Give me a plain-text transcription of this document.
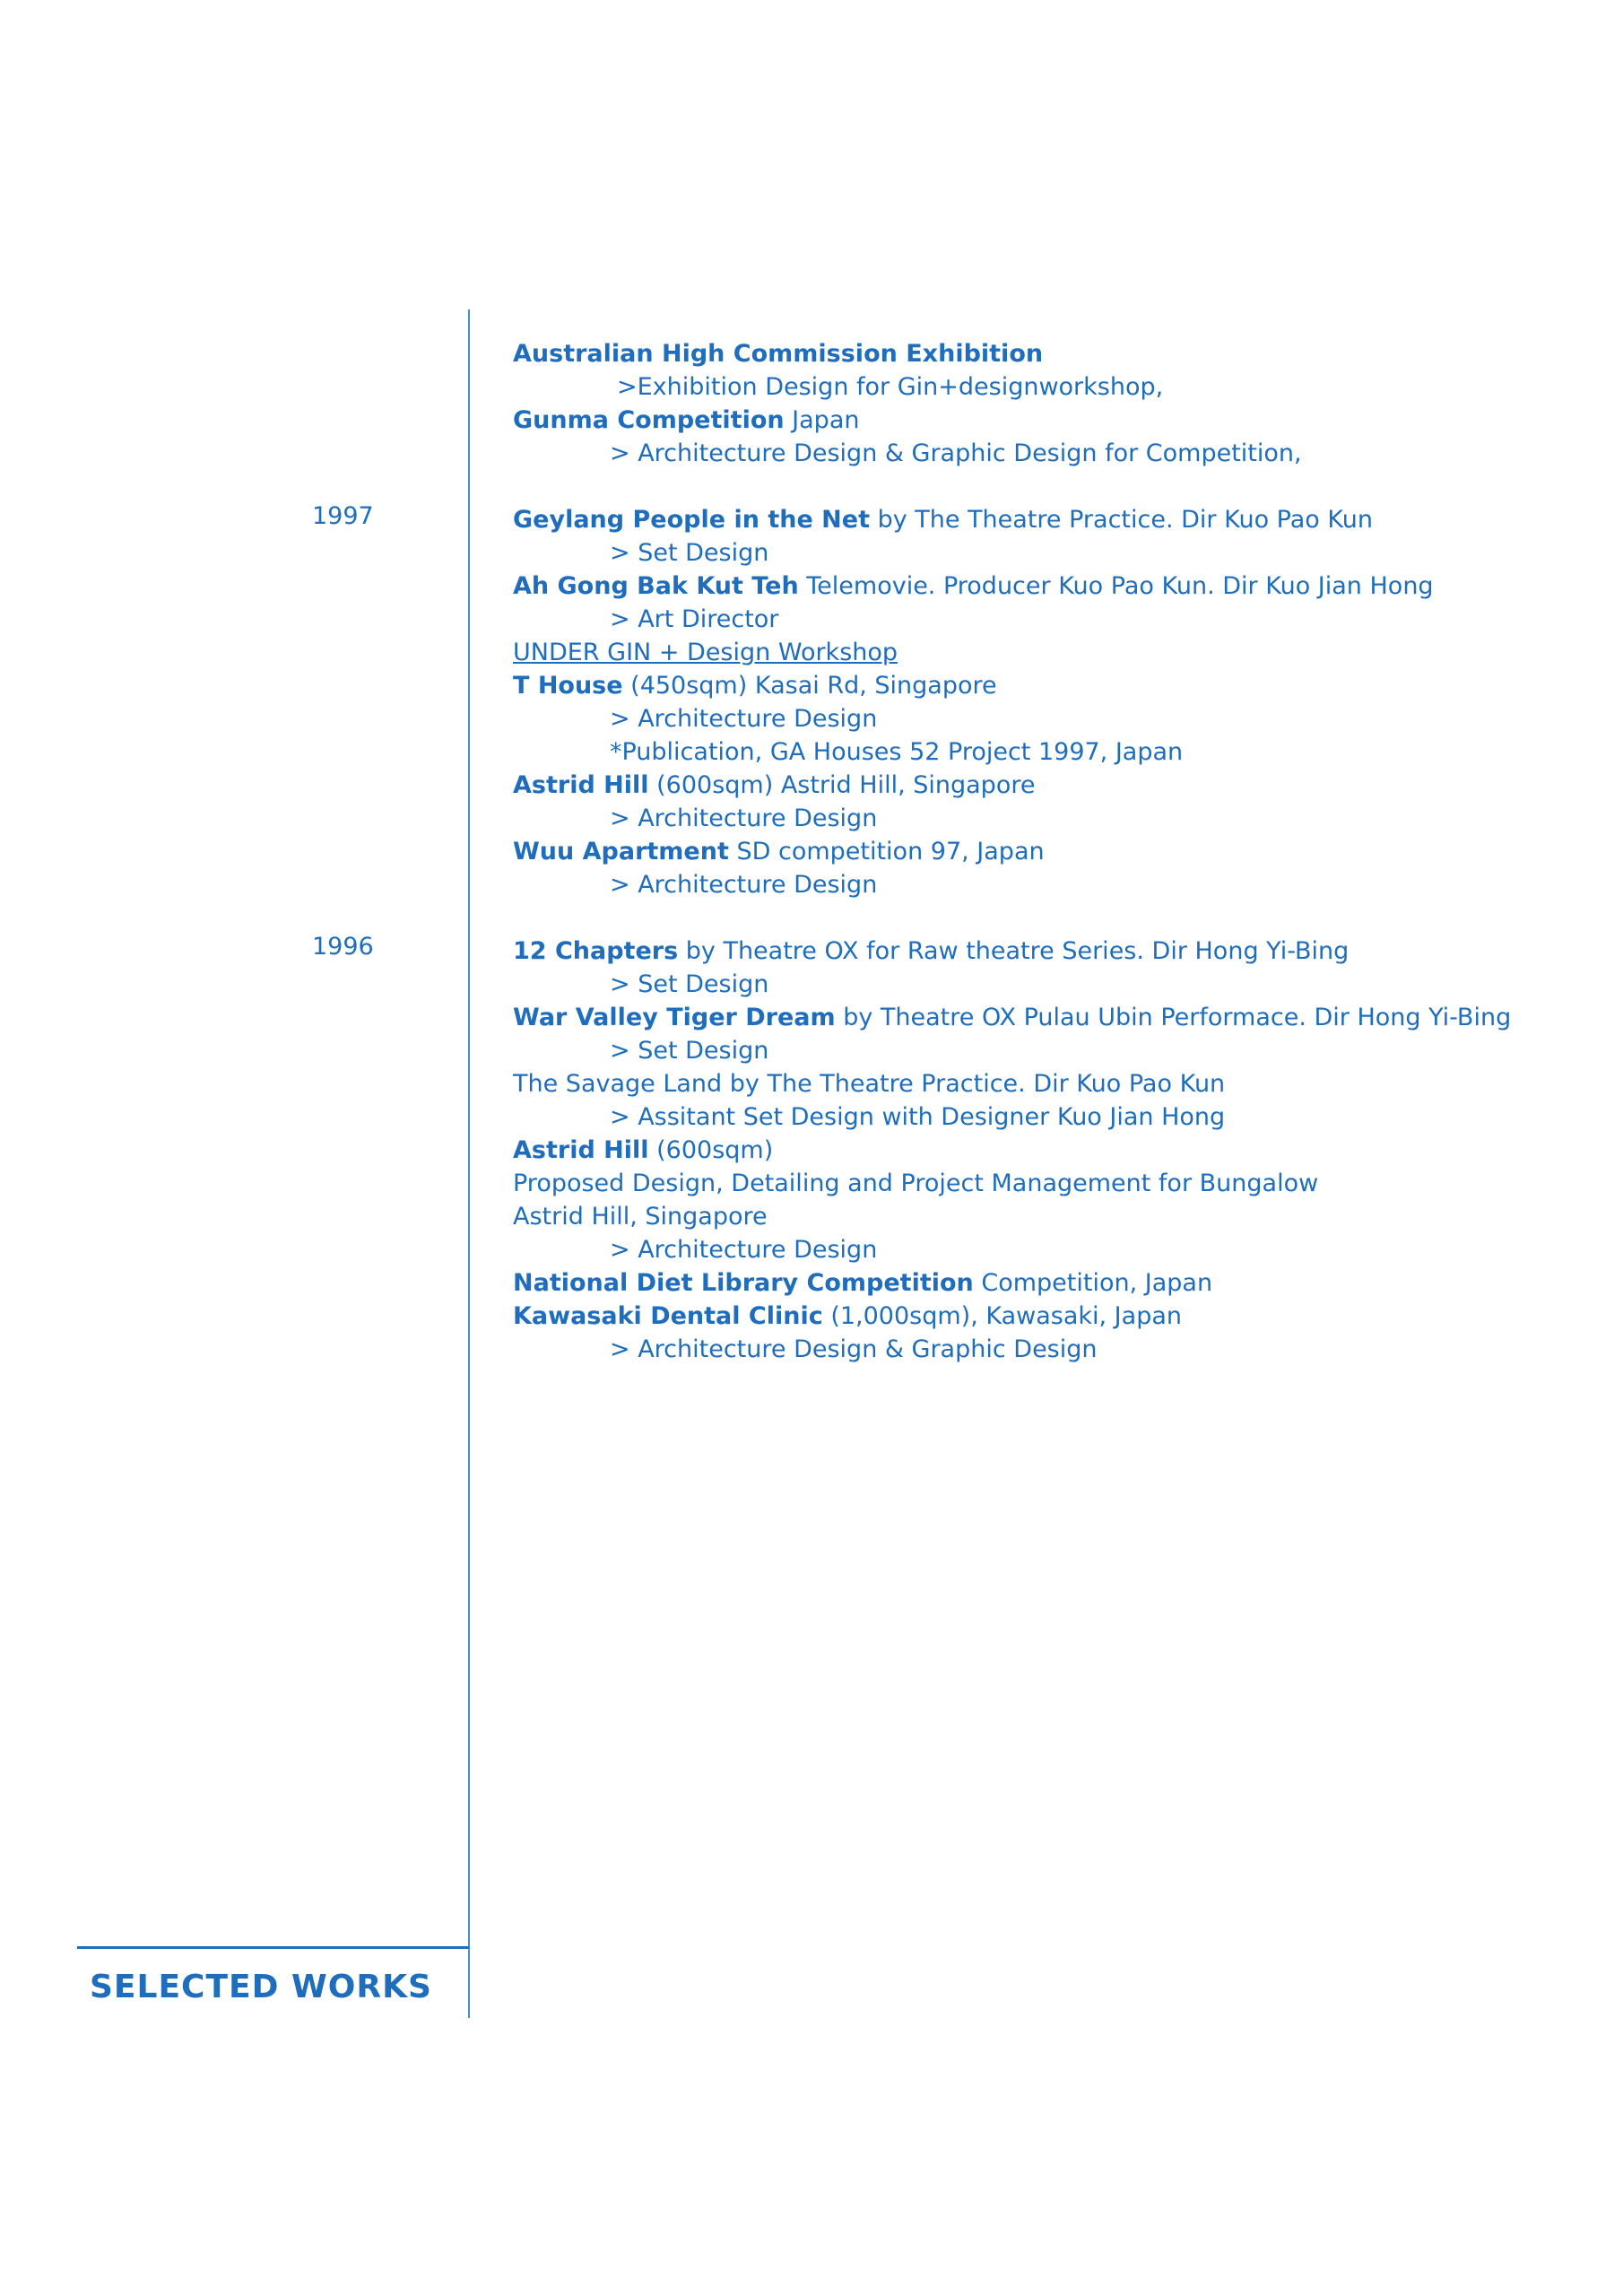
SELECTED WORKS
1997
1996
Australian High Commission Exhibition
>Exhibition Design for Gin+designworkshop,
Gunma Competition Japan
> Architecture Design & Graphic Design for Competition,
Geylang People in the Net by The Theatre Practice. Dir Kuo Pao Kun
> Set Design
Ah Gong Bak Kut Teh Telemovie. Producer Kuo Pao Kun. Dir Kuo Jian Hong
> Art Director
UNDER GIN + Design Workshop
T House (450sqm) Kasai Rd, Singapore
> Architecture Design
*Publication, GA Houses 52 Project 1997, Japan
Astrid Hill (600sqm) Astrid Hill, Singapore
> Architecture Design
Wuu Apartment SD competition 97, Japan
> Architecture Design
12 Chapters by Theatre OX for Raw theatre Series. Dir Hong Yi-Bing
> Set Design
War Valley Tiger Dream by Theatre OX Pulau Ubin Performace. Dir Hong Yi-Bing
> Set Design
The Savage Land by The Theatre Practice. Dir Kuo Pao Kun
> Assitant Set Design with Designer Kuo Jian Hong
Astrid Hill (600sqm)
Proposed Design, Detailing and Project Management for Bungalow
Astrid Hill, Singapore
> Architecture Design
National Diet Library Competition Competition, Japan
Kawasaki Dental Clinic (1,000sqm), Kawasaki, Japan
> Architecture Design & Graphic Design
